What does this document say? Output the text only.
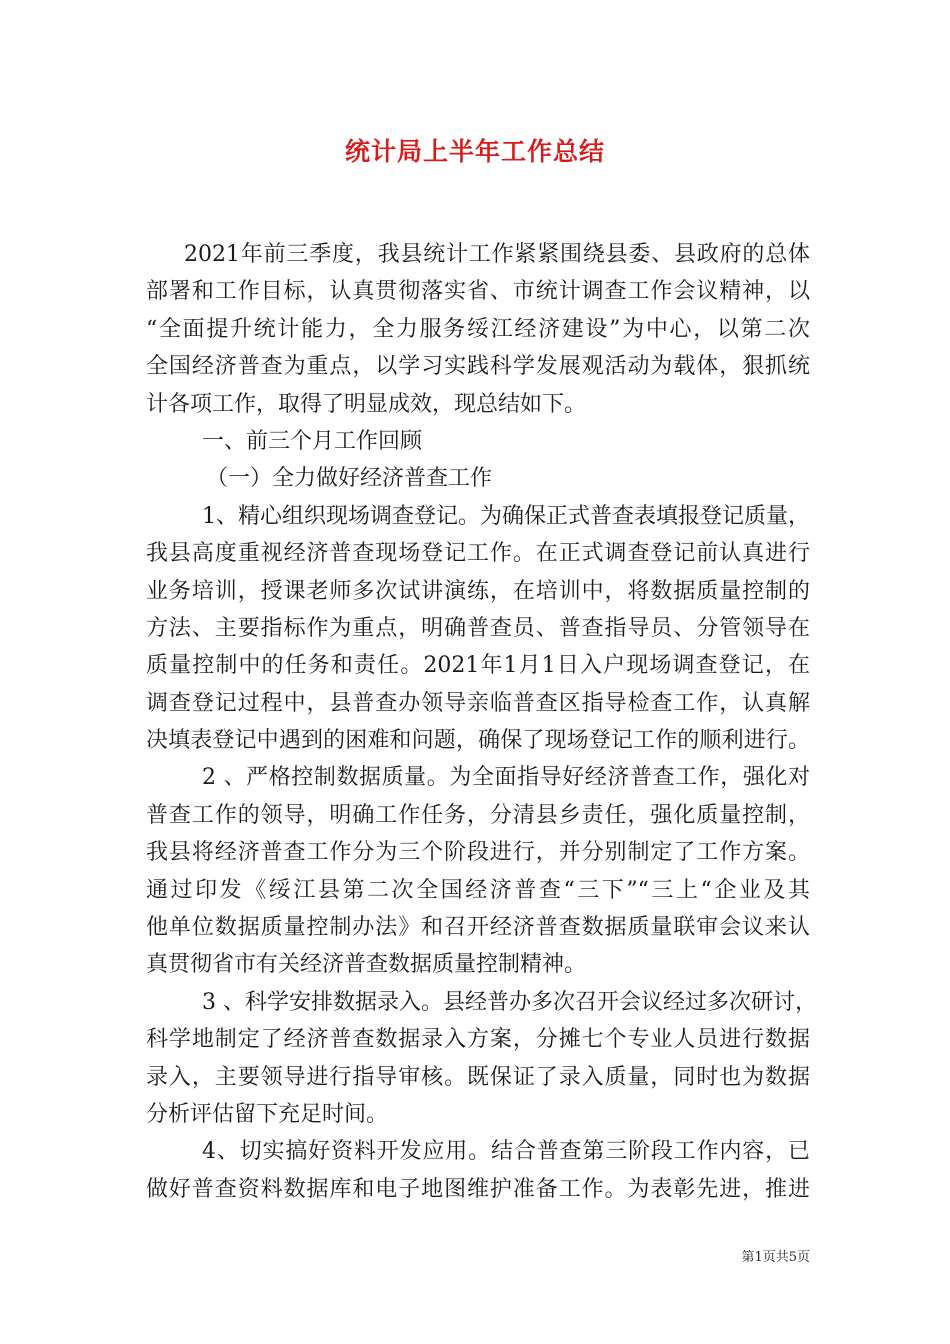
统计局上半年工作总结
2021年前三季度，我县统计工作紧紧围绕县委、县政府的总体
部署和工作目标，认真贯彻落实省、市统计调查工作会议精神，以
“全面提升统计能力，全力服务绥江经济建设”为中心，以第二次
全国经济普查为重点，以学习实践科学发展观活动为载体，狠抓统
计各项工作，取得了明显成效，现总结如下。
一、前三个月工作回顾
（一）全力做好经济普查工作
1、精心组织现场调查登记。为确保正式普查表填报登记质量，
我县高度重视经济普查现场登记工作。在正式调查登记前认真进行
业务培训，授课老师多次试讲演练，在培训中，将数据质量控制的
方法、主要指标作为重点，明确普查员、普查指导员、分管领导在
质量控制中的任务和责任。2021年1月1日入户现场调查登记，在
调查登记过程中，县普查办领导亲临普查区指导检查工作，认真解
决填表登记中遇到的困难和问题，确保了现场登记工作的顺利进行。
2 、严格控制数据质量。为全面指导好经济普查工作，强化对
普查工作的领导，明确工作任务，分清县乡责任，强化质量控制，
我县将经济普查工作分为三个阶段进行，并分别制定了工作方案。
通过印发《绥江县第二次全国经济普查“三下”“三上“企业及其
他单位数据质量控制办法》和召开经济普查数据质量联审会议来认
真贯彻省市有关经济普查数据质量控制精神。
3 、科学安排数据录入。县经普办多次召开会议经过多次研讨，
科学地制定了经济普查数据录入方案，分摊七个专业人员进行数据
录入，主要领导进行指导审核。既保证了录入质量，同时也为数据
分析评估留下充足时间。
4、切实搞好资料开发应用。结合普查第三阶段工作内容，已
做好普查资料数据库和电子地图维护准备工作。为表彰先进，推进
第1页共5页
